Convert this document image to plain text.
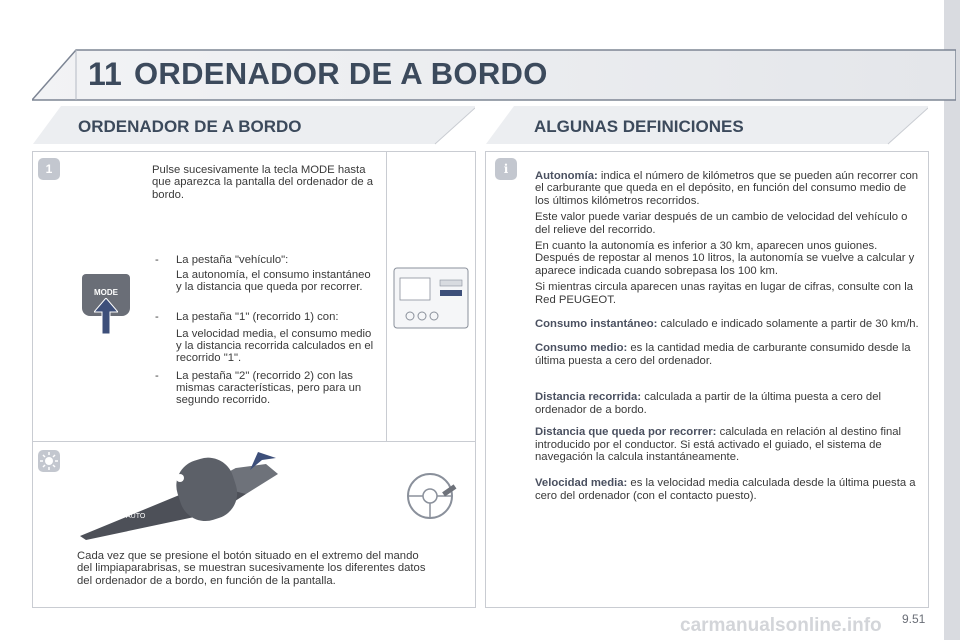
11 ORDENADOR DE A BORDO
ORDENADOR DE A BORDO	ALGUNAS DEFINICIONES
1	Pulse sucesivamente la tecla MODE hasta que aparezca la pantalla del ordenador de a bordo.
- La pestaña "vehículo":
La autonomía, el consumo instantáneo y la distancia que queda por recorrer.
- La pestaña "1" (recorrido 1) con:
La velocidad media, el consumo medio y la distancia recorrida calculados en el recorrido "1".
- La pestaña "2" (recorrido 2) con las mismas características, pero para un segundo recorrido.
MODE
AUTO
Cada vez que se presione el botón situado en el extremo del mando del limpiaparabrisas, se muestran sucesivamente los diferentes datos del ordenador de a bordo, en función de la pantalla.
i	Autonomía: indica el número de kilómetros que se pueden aún recorrer con el carburante que queda en el depósito, en función del consumo medio de los últimos kilómetros recorridos.

Este valor puede variar después de un cambio de velocidad del vehículo o del relieve del recorrido.

En cuanto la autonomía es inferior a 30 km, aparecen unos guiones. Después de repostar al menos 10 litros, la autonomía se vuelve a calcular y aparece indicada cuando sobrepasa los 100 km.

Si mientras circula aparecen unas rayitas en lugar de cifras, consulte con la Red PEUGEOT.

Consumo instantáneo: calculado e indicado solamente a partir de 30 km/h.

Consumo medio: es la cantidad media de carburante consumido desde la última puesta a cero del ordenador.

Distancia recorrida: calculada a partir de la última puesta a cero del ordenador de a bordo.

Distancia que queda por recorrer: calculada en relación al destino final introducido por el conductor. Si está activado el guiado, el sistema de navegación la calcula instantáneamente.

Velocidad media: es la velocidad media calculada desde la última puesta a cero del ordenador (con el contacto puesto).

carmanualsonline.info 9.51
